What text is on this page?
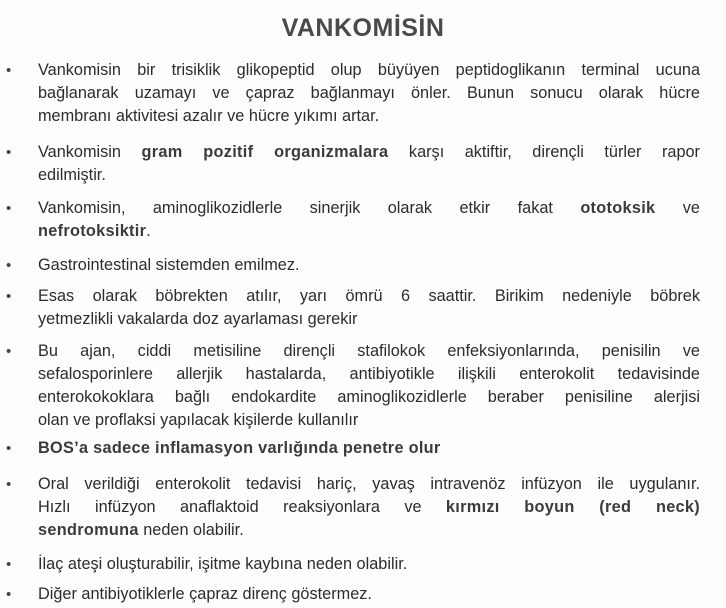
VANKOMİSİN
• Vankomisin bir trisiklik glikopeptid olup büyüyen peptidoglikanın terminal ucuna
bağlanarak uzamayı ve çapraz bağlanmayı önler. Bunun sonucu olarak hücre
membranı aktivitesi azalır ve hücre yıkımı artar.
• Vankomisin gram pozitif organizmalara karşı aktiftir, dirençli türler rapor
edilmiştir.
• Vankomisin, aminoglikozidlerle sinerjik olarak etkir fakat ototoksik ve
nefrotoksiktir.
• Gastrointestinal sistemden emilmez.
• Esas olarak böbrekten atılır, yarı ömrü 6 saattir. Birikim nedeniyle böbrek
yetmezlikli vakalarda doz ayarlaması gerekir
• Bu ajan, ciddi metisiline dirençli stafilokok enfeksiyonlarında, penisilin ve
sefalosporinlere allerjik hastalarda, antibiyotikle ilişkili enterokolit tedavisinde
enterokokoklara bağlı endokardite aminoglikozidlerle beraber penisiline alerjisi
olan ve proflaksi yapılacak kişilerde kullanılır
• BOS’a sadece inflamasyon varlığında penetre olur
• Oral verildiği enterokolit tedavisi hariç, yavaş intravenöz infüzyon ile uygulanır.
Hızlı infüzyon anaflaktoid reaksiyonlara ve kırmızı boyun (red neck)
sendromuna neden olabilir.
• İlaç ateşi oluşturabilir, işitme kaybına neden olabilir.
• Diğer antibiyotiklerle çapraz direnç göstermez.
